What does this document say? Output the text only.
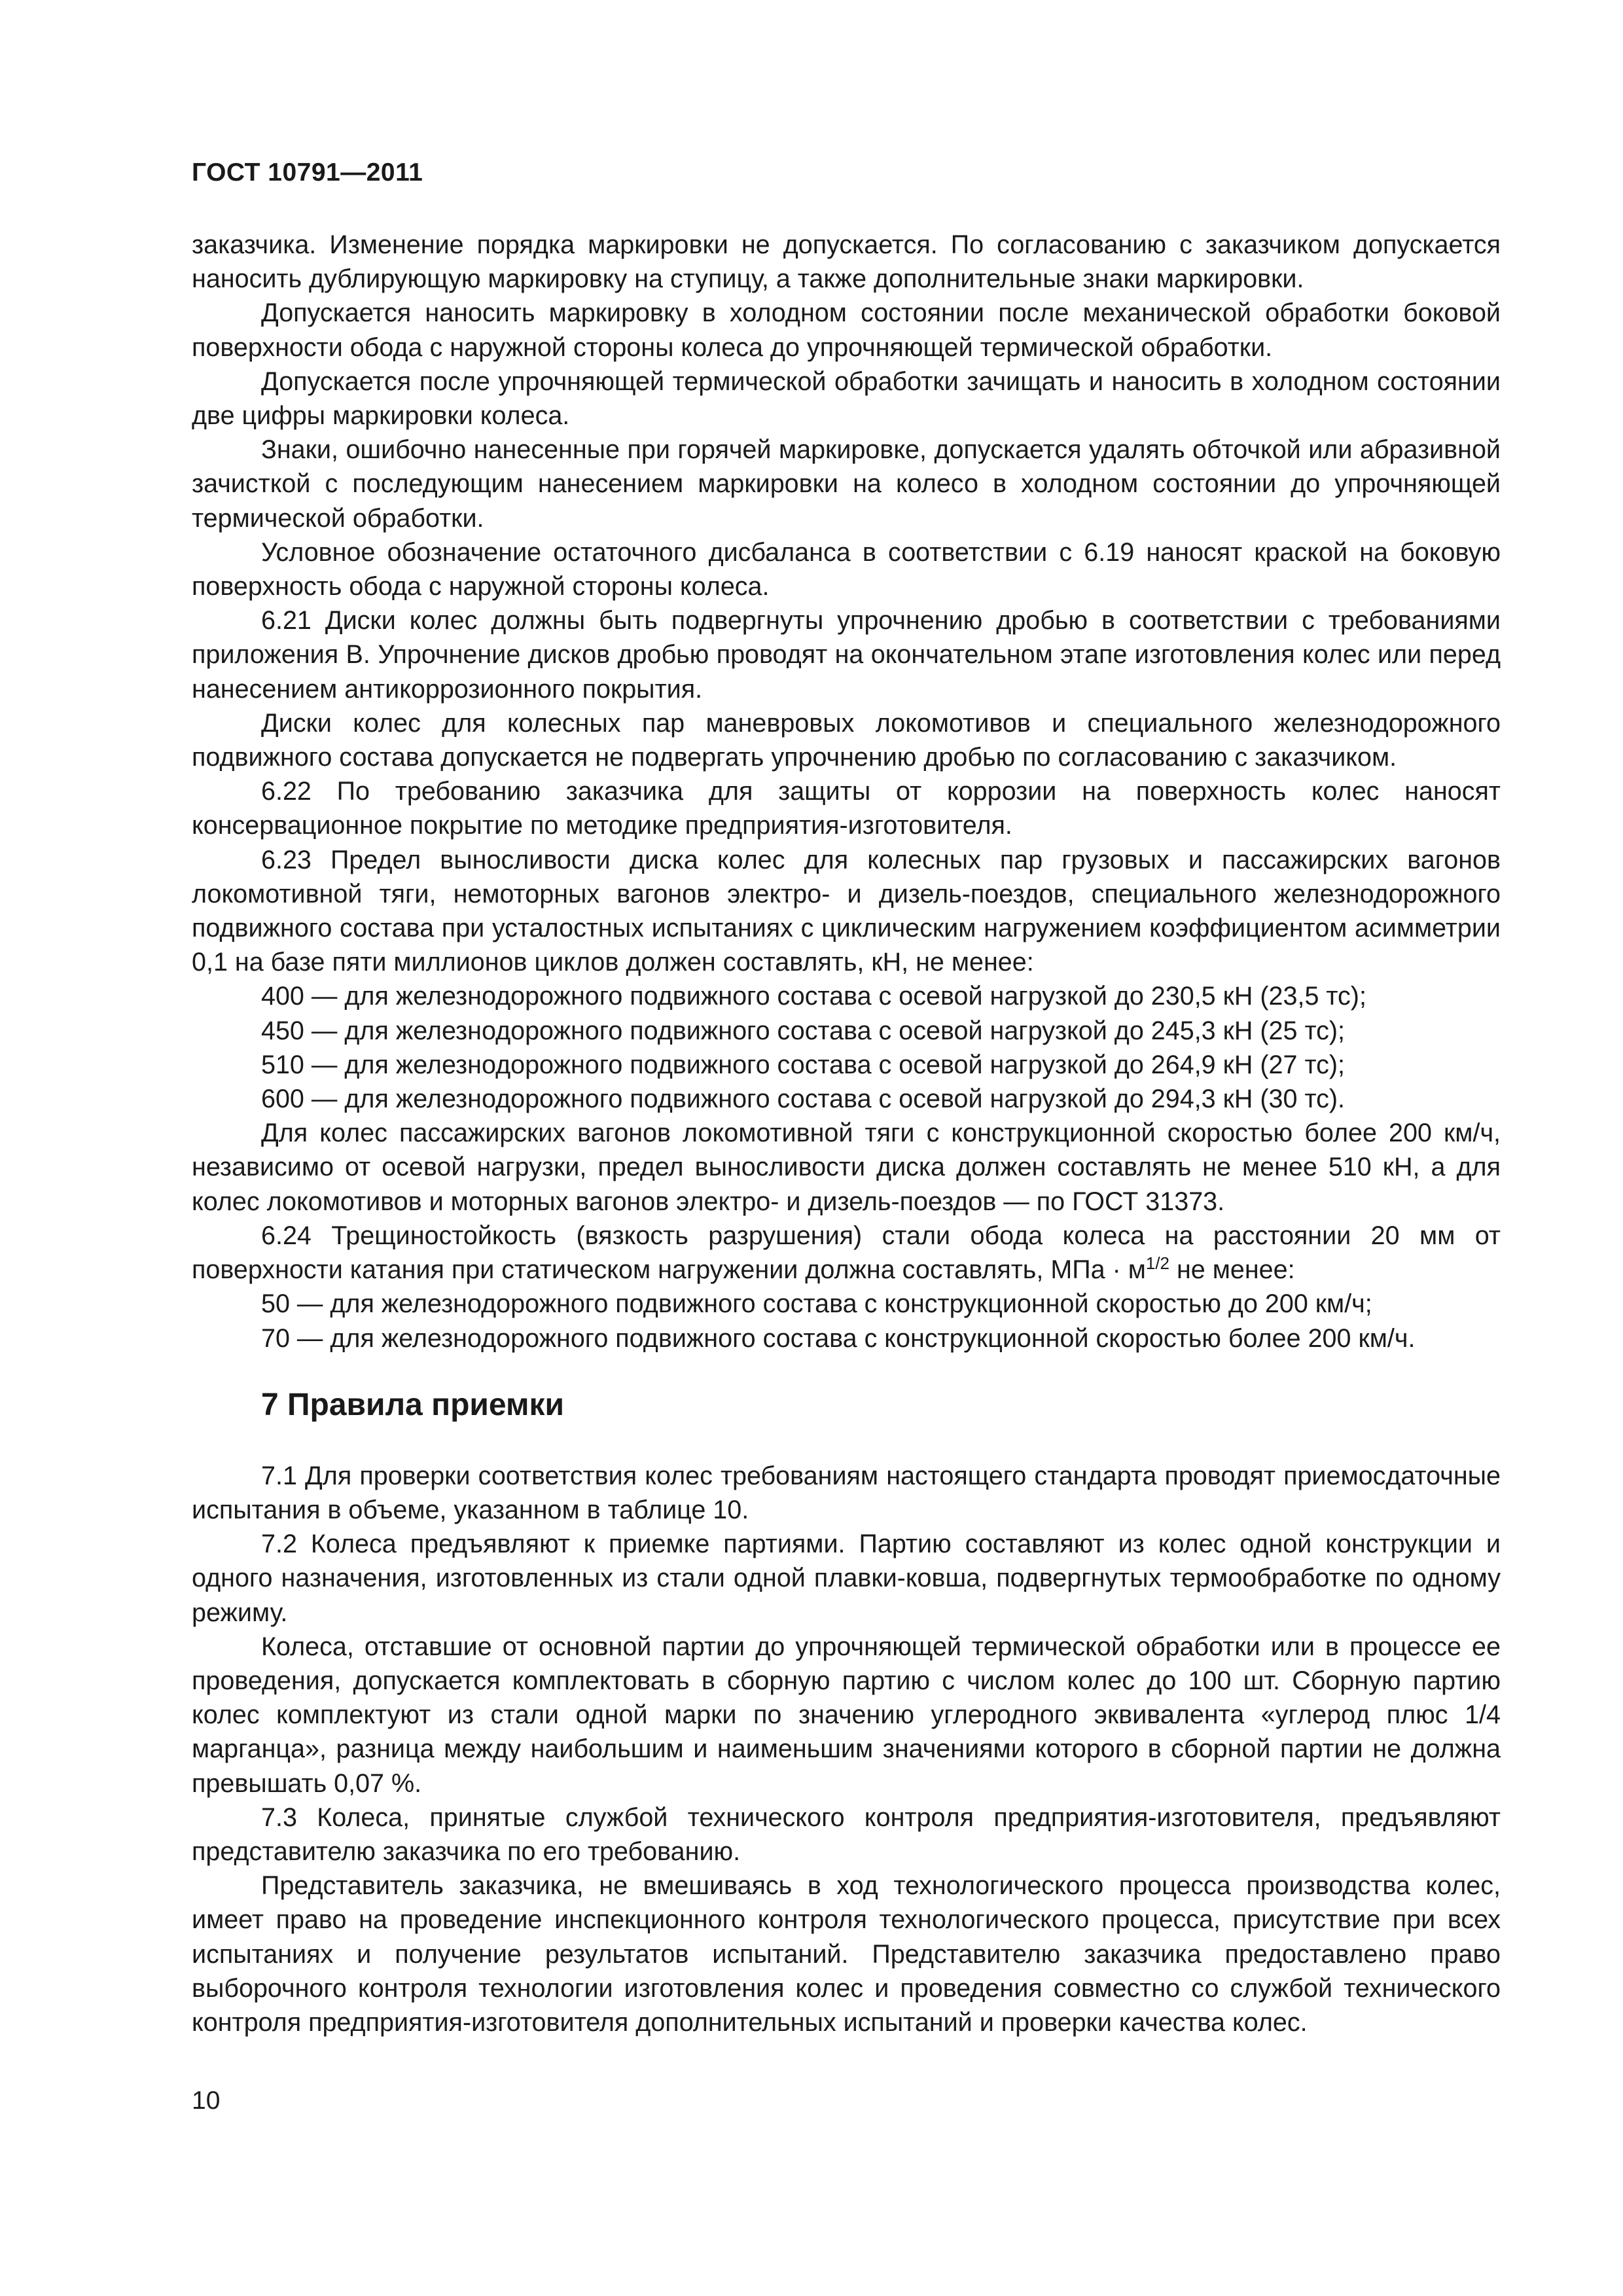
ГОСТ 10791—2011

заказчика. Изменение порядка маркировки не допускается. По согласованию с заказчиком допускается наносить дублирующую маркировку на ступицу, а также дополнительные знаки маркировки.

Допускается наносить маркировку в холодном состоянии после механической обработки боковой поверхности обода с наружной стороны колеса до упрочняющей термической обработки.

Допускается после упрочняющей термической обработки зачищать и наносить в холодном состоянии две цифры маркировки колеса.

Знаки, ошибочно нанесенные при горячей маркировке, допускается удалять обточкой или абразивной зачисткой с последующим нанесением маркировки на колесо в холодном состоянии до упрочняющей термической обработки.

Условное обозначение остаточного дисбаланса в соответствии с 6.19 наносят краской на боковую поверхность обода с наружной стороны колеса.

6.21 Диски колес должны быть подвергнуты упрочнению дробью в соответствии с требованиями приложения В. Упрочнение дисков дробью проводят на окончательном этапе изготовления колес или перед нанесением антикоррозионного покрытия.

Диски колес для колесных пар маневровых локомотивов и специального железнодорожного подвижного состава допускается не подвергать упрочнению дробью по согласованию с заказчиком.

6.22 По требованию заказчика для защиты от коррозии на поверхность колес наносят консервационное покрытие по методике предприятия-изготовителя.

6.23 Предел выносливости диска колес для колесных пар грузовых и пассажирских вагонов локомотивной тяги, немоторных вагонов электро- и дизель-поездов, специального железнодорожного подвижного состава при усталостных испытаниях с циклическим нагружением коэффициентом асимметрии 0,1 на базе пяти миллионов циклов должен составлять, кН, не менее:

400 — для железнодорожного подвижного состава с осевой нагрузкой до 230,5 кН (23,5 тс);

450 — для железнодорожного подвижного состава с осевой нагрузкой до 245,3 кН (25 тс);

510 — для железнодорожного подвижного состава с осевой нагрузкой до 264,9 кН (27 тс);

600 — для железнодорожного подвижного состава с осевой нагрузкой до 294,3 кН (30 тс).

Для колес пассажирских вагонов локомотивной тяги с конструкционной скоростью более 200 км/ч, независимо от осевой нагрузки, предел выносливости диска должен составлять не менее 510 кН, а для колес локомотивов и моторных вагонов электро- и дизель-поездов — по ГОСТ 31373.

6.24 Трещиностойкость (вязкость разрушения) стали обода колеса на расстоянии 20 мм от поверхности катания при статическом нагружении должна составлять, МПа · $м^{1/2}$ не менее:

50 — для железнодорожного подвижного состава с конструкционной скоростью до 200 км/ч;

70 — для железнодорожного подвижного состава с конструкционной скоростью более 200 км/ч.

7 Правила приемки

7.1 Для проверки соответствия колес требованиям настоящего стандарта проводят приемосдаточные испытания в объеме, указанном в таблице 10.

7.2 Колеса предъявляют к приемке партиями. Партию составляют из колес одной конструкции и одного назначения, изготовленных из стали одной плавки-ковша, подвергнутых термообработке по одному режиму.

Колеса, отставшие от основной партии до упрочняющей термической обработки или в процессе ее проведения, допускается комплектовать в сборную партию с числом колес до 100 шт. Сборную партию колес комплектуют из стали одной марки по значению углеродного эквивалента «углерод плюс 1/4 марганца», разница между наибольшим и наименьшим значениями которого в сборной партии не должна превышать 0,07 %.

7.3 Колеса, принятые службой технического контроля предприятия-изготовителя, предъявляют представителю заказчика по его требованию.

Представитель заказчика, не вмешиваясь в ход технологического процесса производства колес, имеет право на проведение инспекционного контроля технологического процесса, присутствие при всех испытаниях и получение результатов испытаний. Представителю заказчика предоставлено право выборочного контроля технологии изготовления колес и проведения совместно со службой технического контроля предприятия-изготовителя дополнительных испытаний и проверки качества колес.

10
